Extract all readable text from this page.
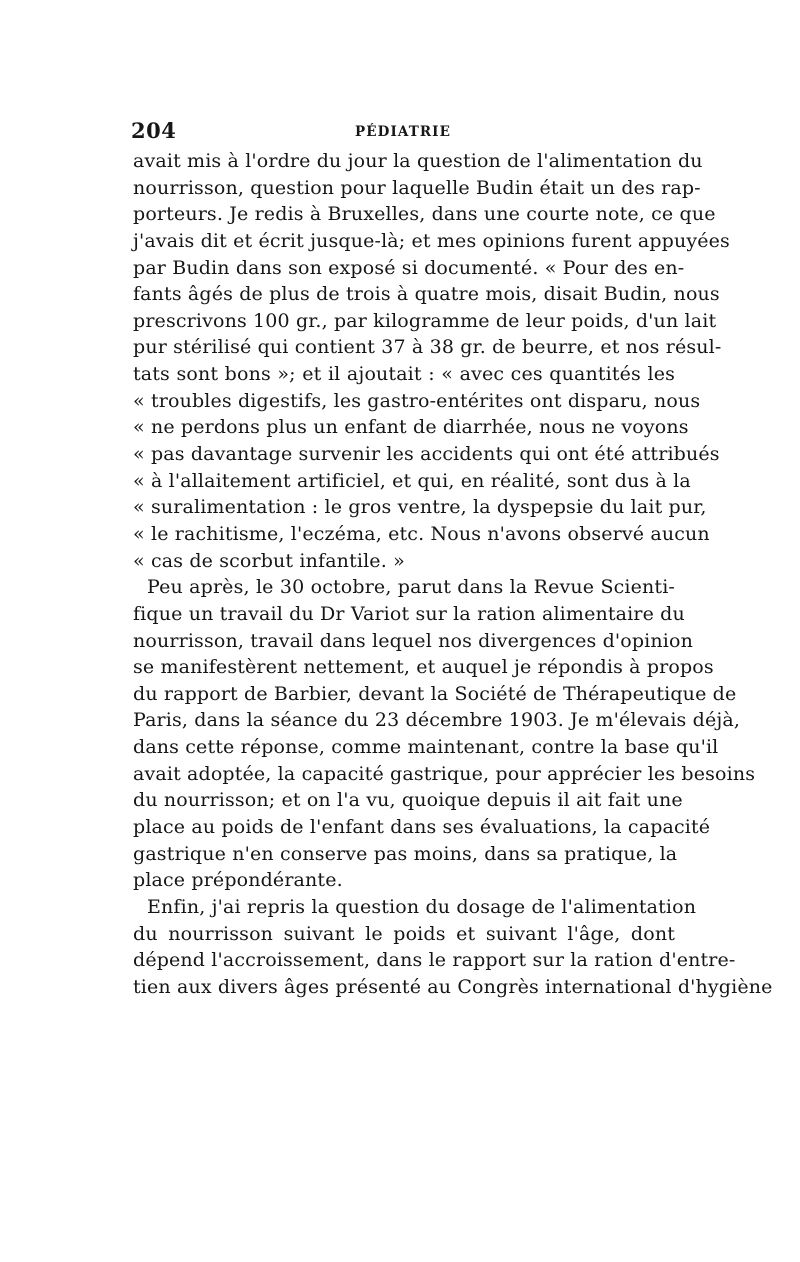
204	PÉDIATRIE
avait mis à l'ordre du jour la question de l'alimentation du
nourrisson, question pour laquelle Budin était un des rap-
porteurs. Je redis à Bruxelles, dans une courte note, ce que
j'avais dit et écrit jusque-là; et mes opinions furent appuyées
par Budin dans son exposé si documenté. « Pour des en-
fants âgés de plus de trois à quatre mois, disait Budin, nous
prescrivons 100 gr., par kilogramme de leur poids, d'un lait
pur stérilisé qui contient 37 à 38 gr. de beurre, et nos résul-
tats sont bons »; et il ajoutait : « avec ces quantités les
« troubles digestifs, les gastro-entérites ont disparu, nous
« ne perdons plus un enfant de diarrhée, nous ne voyons
« pas davantage survenir les accidents qui ont été attribués
« à l'allaitement artificiel, et qui, en réalité, sont dus à la
« suralimentation : le gros ventre, la dyspepsie du lait pur,
« le rachitisme, l'eczéma, etc. Nous n'avons observé aucun
« cas de scorbut infantile. »
Peu après, le 30 octobre, parut dans la Revue Scienti-
fique un travail du Dr Variot sur la ration alimentaire du
nourrisson, travail dans lequel nos divergences d'opinion
se manifestèrent nettement, et auquel je répondis à propos
du rapport de Barbier, devant la Société de Thérapeutique de
Paris, dans la séance du 23 décembre 1903. Je m'élevais déjà,
dans cette réponse, comme maintenant, contre la base qu'il
avait adoptée, la capacité gastrique, pour apprécier les besoins
du nourrisson; et on l'a vu, quoique depuis il ait fait une
place au poids de l'enfant dans ses évaluations, la capacité
gastrique n'en conserve pas moins, dans sa pratique, la
place prépondérante.
Enfin, j'ai repris la question du dosage de l'alimentation
du nourrisson suivant le poids et suivant l'âge, dont
dépend l'accroissement, dans le rapport sur la ration d'entre-
tien aux divers âges présenté au Congrès international d'hygiène
